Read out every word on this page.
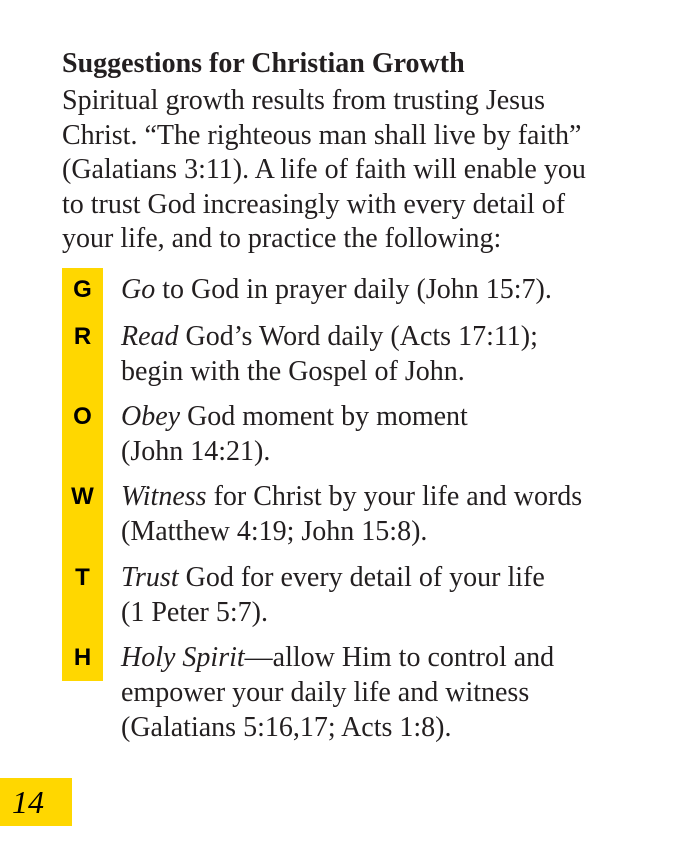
Suggestions for Christian Growth
Spiritual growth results from trusting Jesus
Christ. “The righteous man shall live by faith”
(Galatians 3:11). A life of faith will enable you
to trust God increasingly with every detail of
your life, and to practice the following:
G	Go to God in prayer daily (John 15:7).
R	Read God’s Word daily (Acts 17:11);
begin with the Gospel of John.
O	Obey God moment by moment
(John 14:21).
W Witness for Christ by your life and words
(Matthew 4:19; John 15:8).
T	Trust God for every detail of your life
(1 Peter 5:7).
H	Holy Spirit—allow Him to control and
empower your daily life and witness
(Galatians 5:16,17; Acts 1:8).
14
